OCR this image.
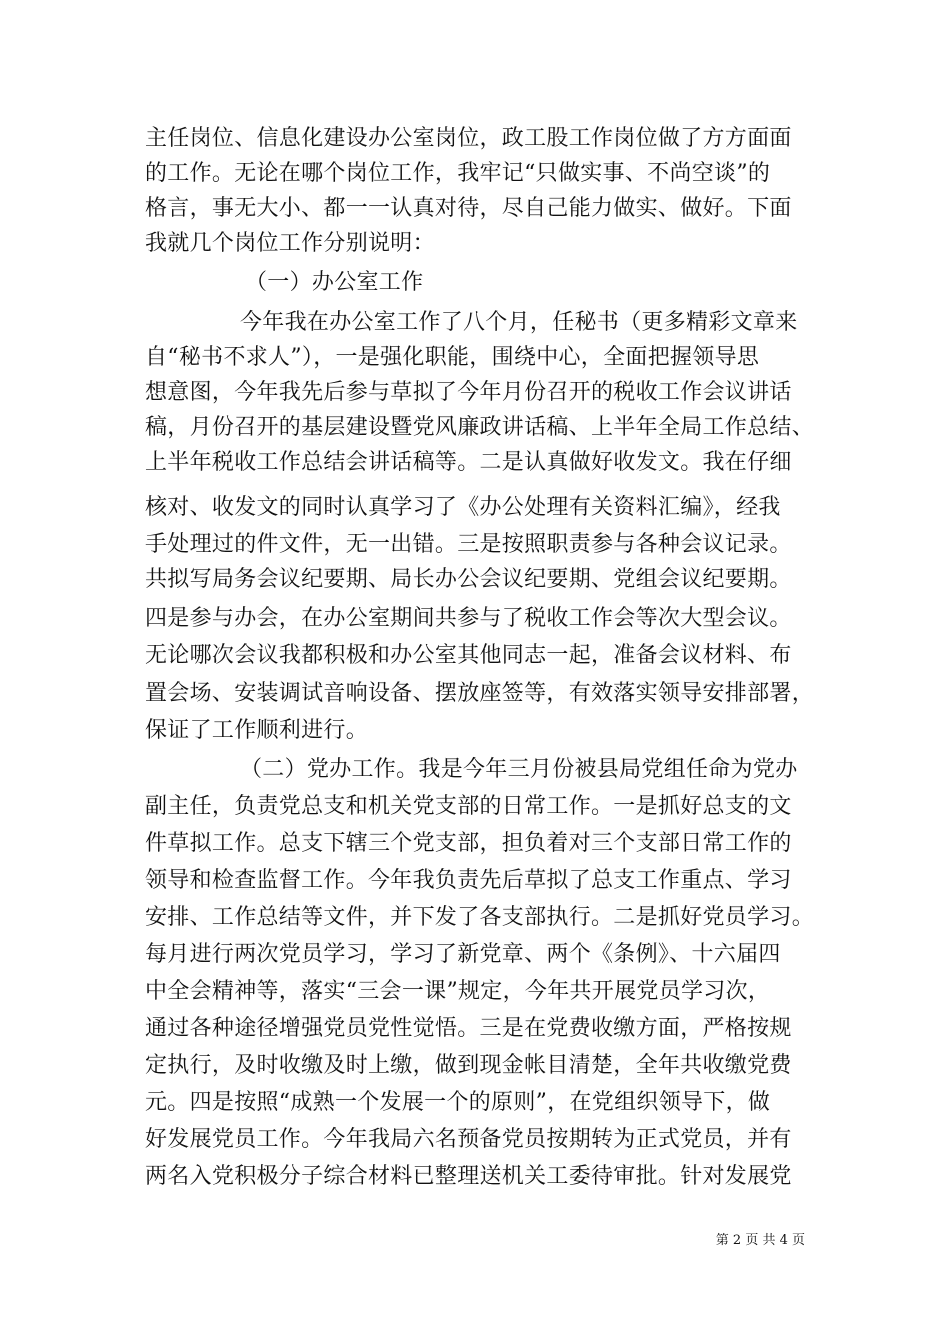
主任岗位、信息化建设办公室岗位，政工股工作岗位做了方方面面
的工作。无论在哪个岗位工作，我牢记“只做实事、不尚空谈”的
格言，事无大小、都一一认真对待，尽自己能力做实、做好。下面
我就几个岗位工作分别说明：
（一）办公室工作
今年我在办公室工作了八个月，任秘书（更多精彩文章来
自“秘书不求人”），一是强化职能，围绕中心，全面把握领导思
想意图，今年我先后参与草拟了今年月份召开的税收工作会议讲话
稿，月份召开的基层建设暨党风廉政讲话稿、上半年全局工作总结、
上半年税收工作总结会讲话稿等。二是认真做好收发文。我在仔细
核对、收发文的同时认真学习了《办公处理有关资料汇编》，经我
手处理过的件文件，无一出错。三是按照职责参与各种会议记录。
共拟写局务会议纪要期、局长办公会议纪要期、党组会议纪要期。
四是参与办会，在办公室期间共参与了税收工作会等次大型会议。
无论哪次会议我都积极和办公室其他同志一起，准备会议材料、布
置会场、安装调试音响设备、摆放座签等，有效落实领导安排部署，
保证了工作顺利进行。
（二）党办工作。我是今年三月份被县局党组任命为党办
副主任，负责党总支和机关党支部的日常工作。一是抓好总支的文
件草拟工作。总支下辖三个党支部，担负着对三个支部日常工作的
领导和检查监督工作。今年我负责先后草拟了总支工作重点、学习
安排、工作总结等文件，并下发了各支部执行。二是抓好党员学习。
每月进行两次党员学习，学习了新党章、两个《条例》、十六届四
中全会精神等，落实“三会一课”规定，今年共开展党员学习次，
通过各种途径增强党员党性觉悟。三是在党费收缴方面，严格按规
定执行，及时收缴及时上缴，做到现金帐目清楚，全年共收缴党费
元。四是按照“成熟一个发展一个的原则”，在党组织领导下，做
好发展党员工作。今年我局六名预备党员按期转为正式党员，并有
两名入党积极分子综合材料已整理送机关工委待审批。针对发展党
第 2 页 共 4 页
